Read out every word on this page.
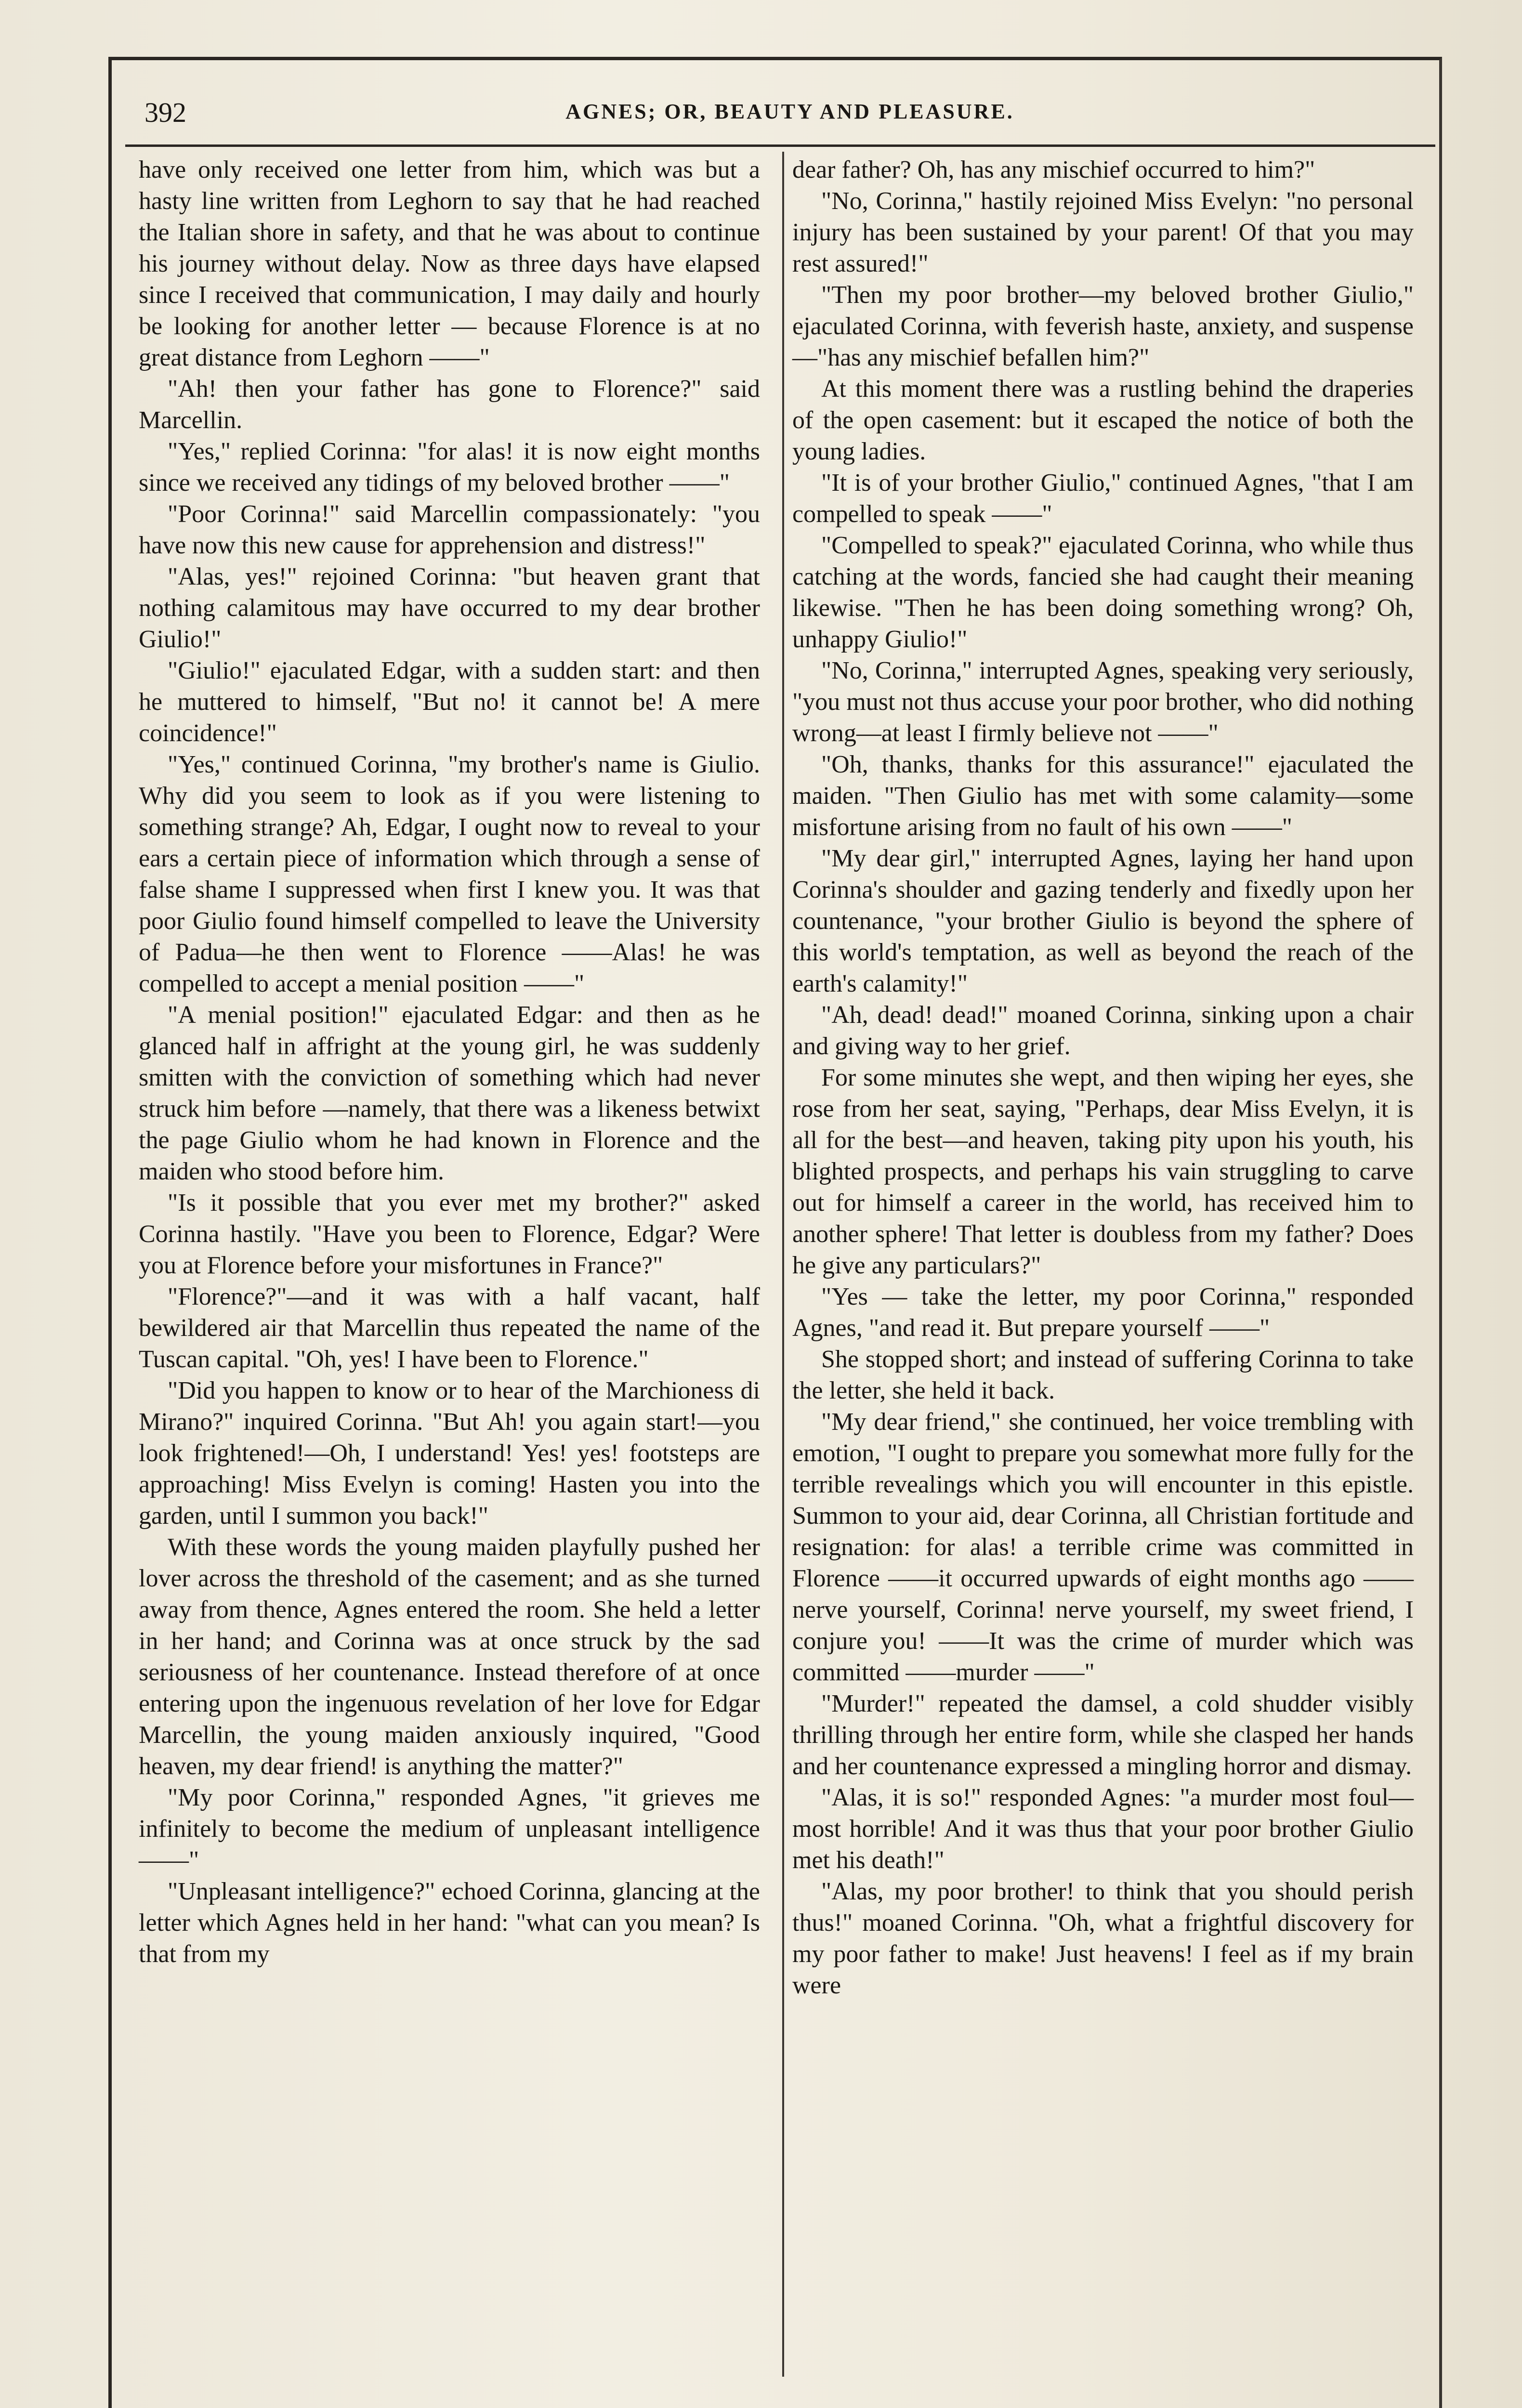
392	AGNES; OR, BEAUTY AND PLEASURE.

have only received one letter from him, which was but a hasty line written from Leghorn to say that he had reached the Italian shore in safety, and that he was about to continue his journey without delay. Now as three days have elapsed since I received that communication, I may daily and hourly be looking for another letter — because Florence is at no great distance from Leghorn ——"

"Ah! then your father has gone to Florence?" said Marcellin.

"Yes," replied Corinna: "for alas! it is now eight months since we received any tidings of my beloved brother ——"

"Poor Corinna!" said Marcellin compassionately: "you have now this new cause for apprehension and distress!"

"Alas, yes!" rejoined Corinna: "but heaven grant that nothing calamitous may have occurred to my dear brother Giulio!"

"Giulio!" ejaculated Edgar, with a sudden start: and then he muttered to himself, "But no! it cannot be! A mere coincidence!"

"Yes," continued Corinna, "my brother's name is Giulio. Why did you seem to look as if you were listening to something strange? Ah, Edgar, I ought now to reveal to your ears a certain piece of information which through a sense of false shame I suppressed when first I knew you. It was that poor Giulio found himself compelled to leave the University of Padua—he then went to Florence ——Alas! he was compelled to accept a menial position ——"

"A menial position!" ejaculated Edgar: and then as he glanced half in affright at the young girl, he was suddenly smitten with the conviction of something which had never struck him before —namely, that there was a likeness betwixt the page Giulio whom he had known in Florence and the maiden who stood before him.

"Is it possible that you ever met my brother?" asked Corinna hastily. "Have you been to Florence, Edgar? Were you at Florence before your misfortunes in France?"

"Florence?"—and it was with a half vacant, half bewildered air that Marcellin thus repeated the name of the Tuscan capital. "Oh, yes! I have been to Florence."

"Did you happen to know or to hear of the Marchioness di Mirano?" inquired Corinna. "But Ah! you again start!—you look frightened!—Oh, I understand! Yes! yes! footsteps are approaching! Miss Evelyn is coming! Hasten you into the garden, until I summon you back!"

With these words the young maiden playfully pushed her lover across the threshold of the casement; and as she turned away from thence, Agnes entered the room. She held a letter in her hand; and Corinna was at once struck by the sad seriousness of her countenance. Instead therefore of at once entering upon the ingenuous revelation of her love for Edgar Marcellin, the young maiden anxiously inquired, "Good heaven, my dear friend! is anything the matter?"

"My poor Corinna," responded Agnes, "it grieves me infinitely to become the medium of unpleasant intelligence ——"

"Unpleasant intelligence?" echoed Corinna, glancing at the letter which Agnes held in her hand: "what can you mean? Is that from my

dear father? Oh, has any mischief occurred to him?"

"No, Corinna," hastily rejoined Miss Evelyn: "no personal injury has been sustained by your parent! Of that you may rest assured!"

"Then my poor brother—my beloved brother Giulio," ejaculated Corinna, with feverish haste, anxiety, and suspense—"has any mischief befallen him?"

At this moment there was a rustling behind the draperies of the open casement: but it escaped the notice of both the young ladies.

"It is of your brother Giulio," continued Agnes, "that I am compelled to speak ——"

"Compelled to speak?" ejaculated Corinna, who while thus catching at the words, fancied she had caught their meaning likewise. "Then he has been doing something wrong? Oh, unhappy Giulio!"

"No, Corinna," interrupted Agnes, speaking very seriously, "you must not thus accuse your poor brother, who did nothing wrong—at least I firmly believe not ——"

"Oh, thanks, thanks for this assurance!" ejaculated the maiden. "Then Giulio has met with some calamity—some misfortune arising from no fault of his own ——"

"My dear girl," interrupted Agnes, laying her hand upon Corinna's shoulder and gazing tenderly and fixedly upon her countenance, "your brother Giulio is beyond the sphere of this world's temptation, as well as beyond the reach of the earth's calamity!"

"Ah, dead! dead!" moaned Corinna, sinking upon a chair and giving way to her grief.

For some minutes she wept, and then wiping her eyes, she rose from her seat, saying, "Perhaps, dear Miss Evelyn, it is all for the best—and heaven, taking pity upon his youth, his blighted prospects, and perhaps his vain struggling to carve out for himself a career in the world, has received him to another sphere! That letter is doubless from my father? Does he give any particulars?"

"Yes — take the letter, my poor Corinna," responded Agnes, "and read it. But prepare yourself ——"

She stopped short; and instead of suffering Corinna to take the letter, she held it back.

"My dear friend," she continued, her voice trembling with emotion, "I ought to prepare you somewhat more fully for the terrible revealings which you will encounter in this epistle. Summon to your aid, dear Corinna, all Christian fortitude and resignation: for alas! a terrible crime was committed in Florence ——it occurred upwards of eight months ago ——nerve yourself, Corinna! nerve yourself, my sweet friend, I conjure you! ——It was the crime of murder which was committed ——murder ——"

"Murder!" repeated the damsel, a cold shudder visibly thrilling through her entire form, while she clasped her hands and her countenance expressed a mingling horror and dismay.

"Alas, it is so!" responded Agnes: "a murder most foul—most horrible! And it was thus that your poor brother Giulio met his death!"

"Alas, my poor brother! to think that you should perish thus!" moaned Corinna. "Oh, what a frightful discovery for my poor father to make! Just heavens! I feel as if my brain were
